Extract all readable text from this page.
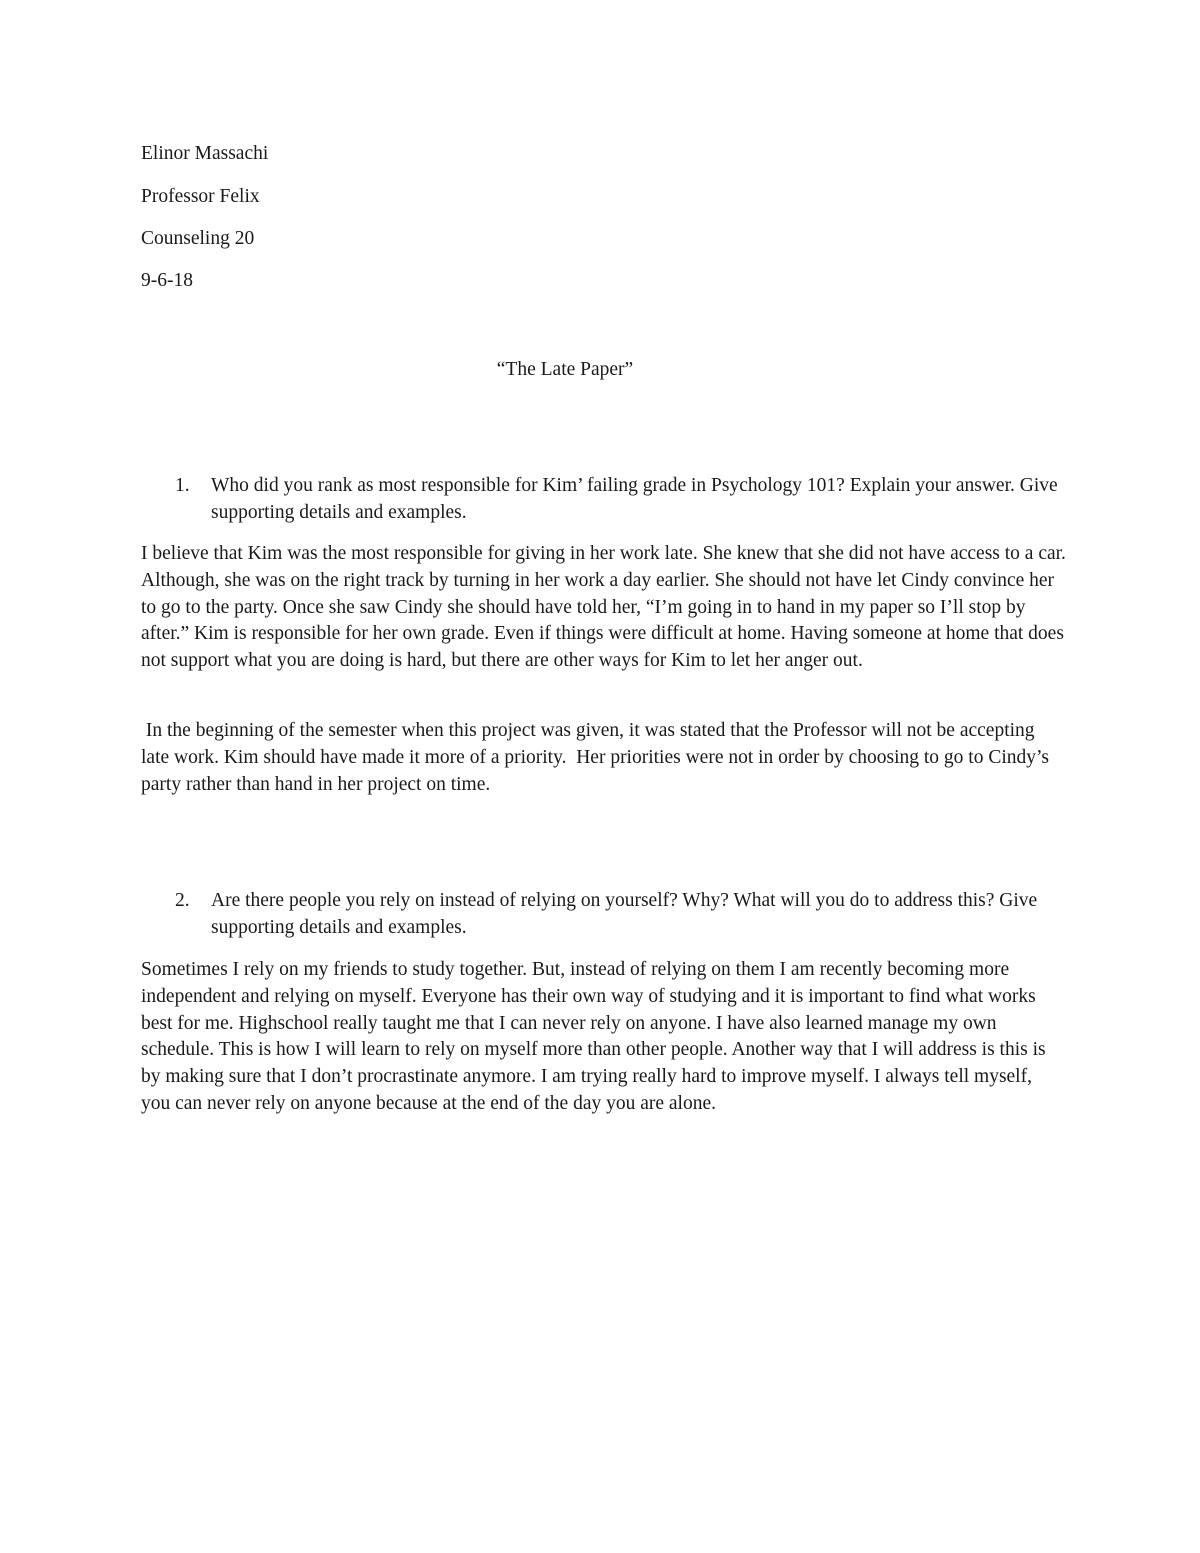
Elinor Massachi

Professor Felix

Counseling 20

9-6-18

“The Late Paper”

1. Who did you rank as most responsible for Kim’ failing grade in Psychology 101? Explain your answer. Give supporting details and examples.

I believe that Kim was the most responsible for giving in her work late. She knew that she did not have access to a car. Although, she was on the right track by turning in her work a day earlier. She should not have let Cindy convince her to go to the party. Once she saw Cindy she should have told her, “I’m going in to hand in my paper so I’ll stop by after.” Kim is responsible for her own grade. Even if things were difficult at home. Having someone at home that does not support what you are doing is hard, but there are other ways for Kim to let her anger out.

In the beginning of the semester when this project was given, it was stated that the Professor will not be accepting late work. Kim should have made it more of a priority.  Her priorities were not in order by choosing to go to Cindy’s party rather than hand in her project on time.

2. Are there people you rely on instead of relying on yourself? Why? What will you do to address this? Give supporting details and examples.

Sometimes I rely on my friends to study together. But, instead of relying on them I am recently becoming more independent and relying on myself. Everyone has their own way of studying and it is important to find what works best for me. Highschool really taught me that I can never rely on anyone. I have also learned manage my own schedule. This is how I will learn to rely on myself more than other people. Another way that I will address is this is by making sure that I don’t procrastinate anymore. I am trying really hard to improve myself. I always tell myself, you can never rely on anyone because at the end of the day you are alone.
